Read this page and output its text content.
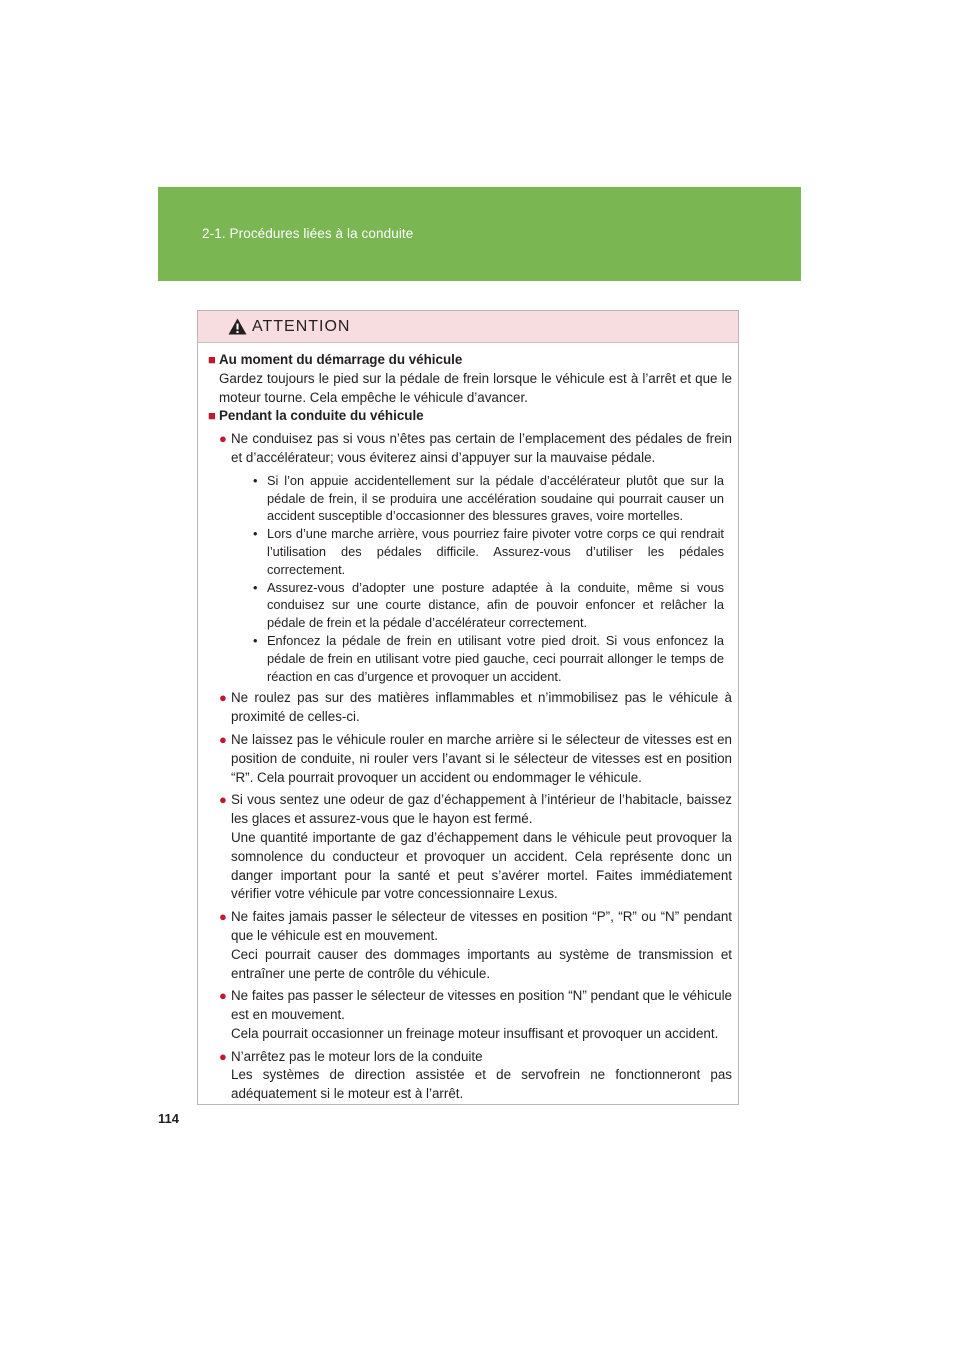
2-1. Procédures liées à la conduite
ATTENTION
■ Au moment du démarrage du véhicule
Gardez toujours le pied sur la pédale de frein lorsque le véhicule est à l’arrêt et que le moteur tourne. Cela empêche le véhicule d’avancer.
■ Pendant la conduite du véhicule
● Ne conduisez pas si vous n’êtes pas certain de l’emplacement des pédales de frein et d’accélérateur; vous éviterez ainsi d’appuyer sur la mauvaise pédale.

• Si l’on appuie accidentellement sur la pédale d’accélérateur plutôt que sur la pédale de frein, il se produira une accélération soudaine qui pourrait causer un accident susceptible d’occasionner des blessures graves, voire mortelles.
• Lors d’une marche arrière, vous pourriez faire pivoter votre corps ce qui rendrait l’utilisation des pédales difficile. Assurez-vous d’utiliser les pédales correctement.
• Assurez-vous d’adopter une posture adaptée à la conduite, même si vous conduisez sur une courte distance, afin de pouvoir enfoncer et relâcher la pédale de frein et la pédale d’accélérateur correctement.
• Enfoncez la pédale de frein en utilisant votre pied droit. Si vous enfoncez la pédale de frein en utilisant votre pied gauche, ceci pourrait allonger le temps de réaction en cas d’urgence et provoquer un accident.
● Ne roulez pas sur des matières inflammables et n’immobilisez pas le véhicule à proximité de celles-ci.

● Ne laissez pas le véhicule rouler en marche arrière si le sélecteur de vitesses est en position de conduite, ni rouler vers l’avant si le sélecteur de vitesses est en position “R”. Cela pourrait provoquer un accident ou endommager le véhicule.

● Si vous sentez une odeur de gaz d’échappement à l’intérieur de l’habitacle, baissez les glaces et assurez-vous que le hayon est fermé.

Une quantité importante de gaz d’échappement dans le véhicule peut provoquer la somnolence du conducteur et provoquer un accident. Cela représente donc un danger important pour la santé et peut s’avérer mortel. Faites immédiatement vérifier votre véhicule par votre concessionnaire Lexus.

● Ne faites jamais passer le sélecteur de vitesses en position “P”, “R” ou “N” pendant que le véhicule est en mouvement.

Ceci pourrait causer des dommages importants au système de transmission et entraîner une perte de contrôle du véhicule.

● Ne faites pas passer le sélecteur de vitesses en position “N” pendant que le véhicule est en mouvement.

Cela pourrait occasionner un freinage moteur insuffisant et provoquer un accident.

● N’arrêtez pas le moteur lors de la conduite

Les systèmes de direction assistée et de servofrein ne fonctionneront pas adéquatement si le moteur est à l’arrêt.

114
